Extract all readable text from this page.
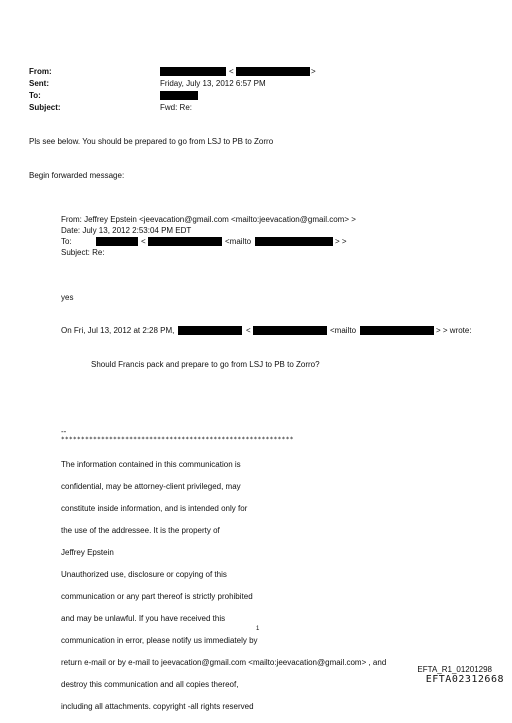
From:	<	>
Sent:	Friday, July 13, 2012 6:57 PM
To:
Subject:	Fwd: Re:
Pls see below. You should be prepared to go from LSJ to PB to Zorro
Begin forwarded message:
From: Jeffrey Epstein <jeevacation@gmail.com <mailto:jeevacation@gmail.com> >
Date: July 13, 2012 2:53:04 PM EDT
To:	<	<mailto	> >
Subject: Re:
yes
On Fri, Jul 13, 2012 at 2:28 PM,	<	<mailto	> > wrote:
Should Francis pack and prepare to go from LSJ to PB to Zorro?
--
**********************************************************

The information contained in this communication is

confidential, may be attorney-client privileged, may

constitute inside information, and is intended only for

the use of the addressee. It is the property of

Jeffrey Epstein

Unauthorized use, disclosure or copying of this

communication or any part thereof is strictly prohibited

and may be unlawful. If you have received this

communication in error, please notify us immediately by

return e-mail or by e-mail to jeevacation@gmail.com <mailto:jeevacation@gmail.com> , and

destroy this communication and all copies thereof,

including all attachments. copyright -all rights reserved

1
EFTA_R1_01201298
EFTA02312668
